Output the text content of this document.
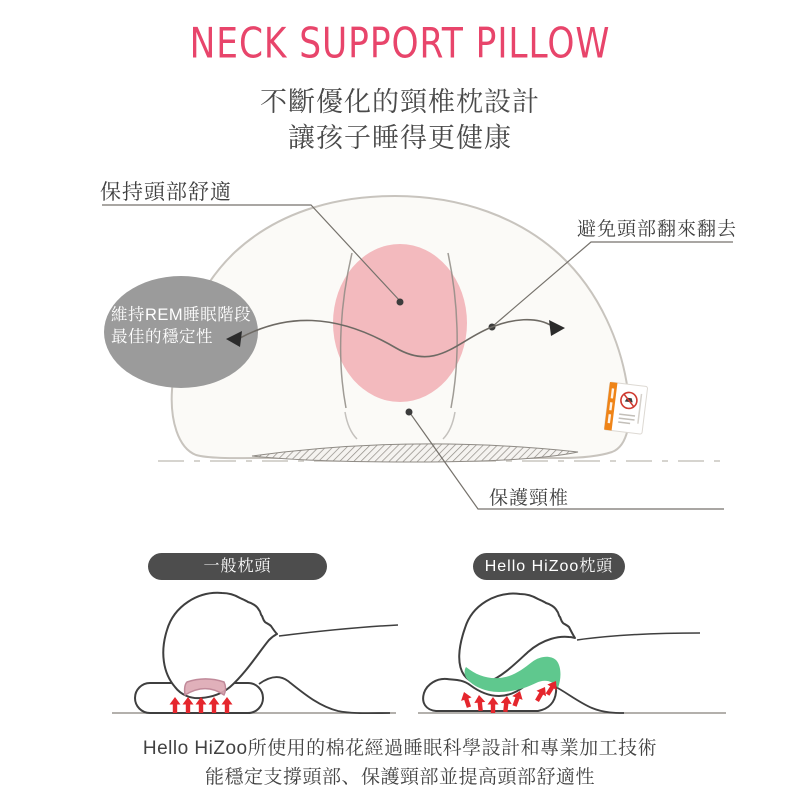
NECK SUPPORT PILLOW
不斷優化的頸椎枕設計
讓孩子睡得更健康
保持頭部舒適
避免頭部翻來翻去
保護頸椎
維持REM睡眠階段
最佳的穩定性
一般枕頭	Hello HiZoo枕頭
Hello HiZoo所使用的棉花經過睡眠科學設計和專業加工技術
能穩定支撐頭部、保護頸部並提高頭部舒適性
